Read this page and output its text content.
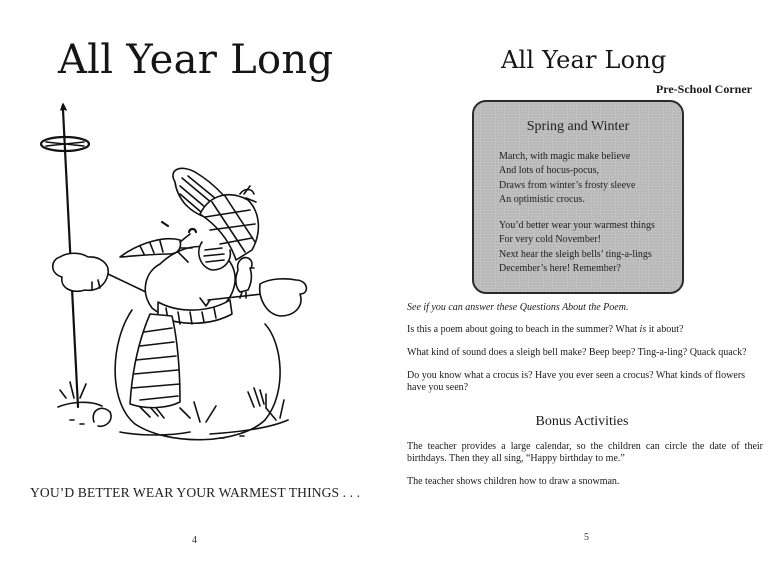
All Year Long
YOU’D BETTER WEAR YOUR WARMEST THINGS . . .
4
All Year Long
Pre-School Corner
Spring and Winter
March, with magic make believe
And lots of hocus-pocus,
Draws from winter’s frosty sleeve
An optimistic crocus.
You’d better wear your warmest things
For very cold November!
Next hear the sleigh bells’ ting-a-lings
December’s here! Remember?
See if you can answer these Questions About the Poem.
Is this a poem about going to beach in the summer? What is it about?
What kind of sound does a sleigh bell make? Beep beep? Ting-a-ling? Quack quack?
Do you know what a crocus is? Have you ever seen a crocus? What kinds of flowers have you seen?
Bonus Activities
The teacher provides a large calendar, so the children can circle the date of their birthdays. Then they all sing, “Happy birthday to me.”
The teacher shows children how to draw a snowman.
5
